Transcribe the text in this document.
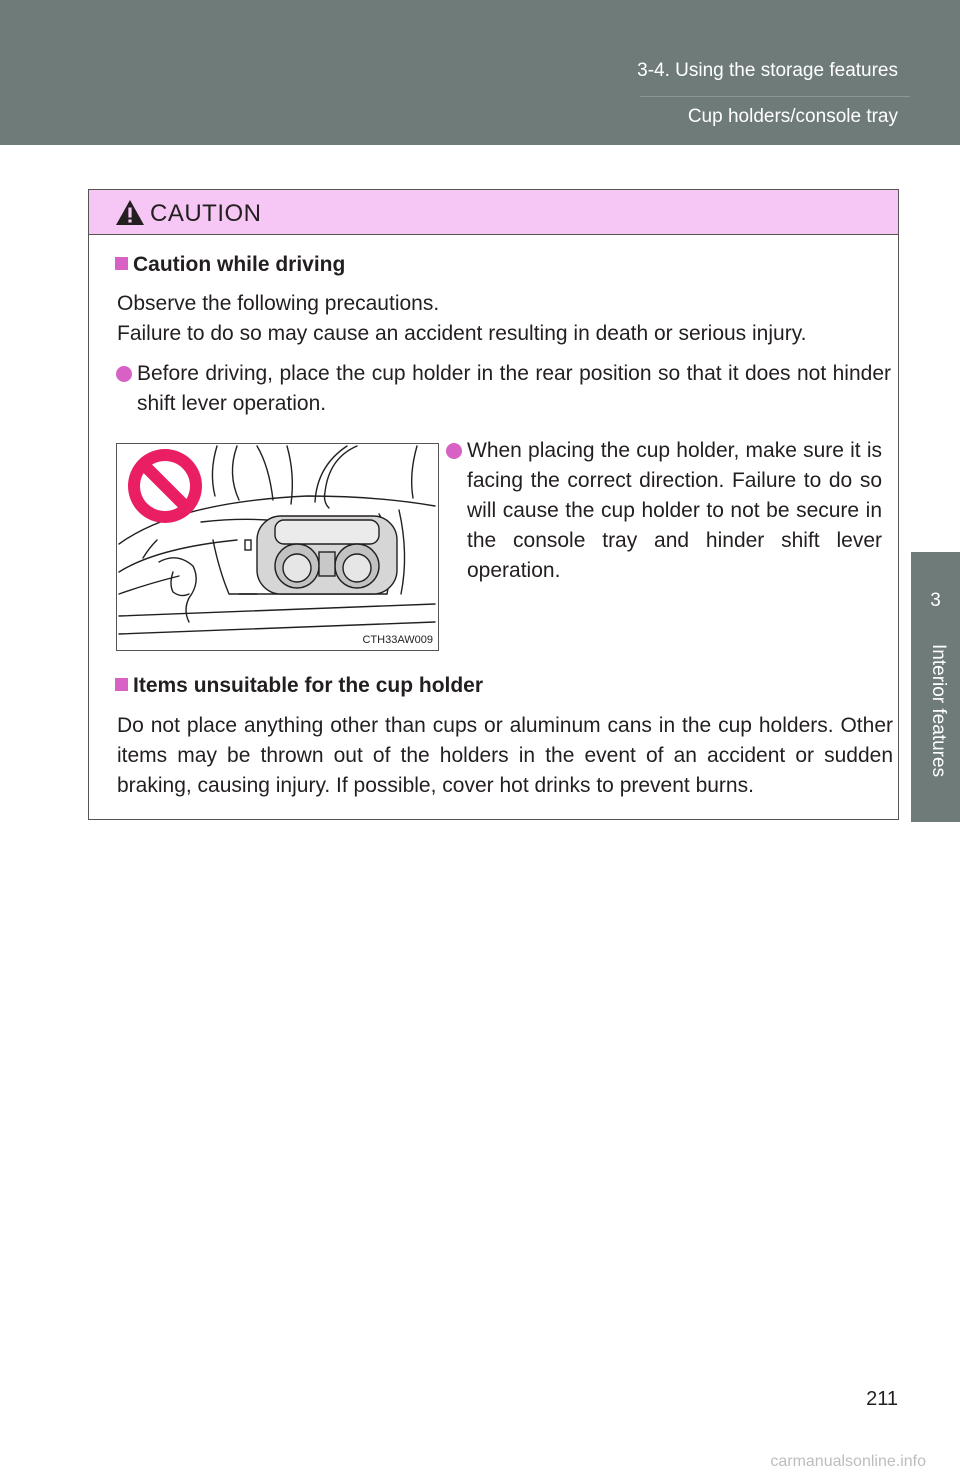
3-4. Using the storage features
Cup holders/console tray
3
Interior features
CAUTION
Caution while driving
Observe the following precautions.
Failure to do so may cause an accident resulting in death or serious injury.
Before driving, place the cup holder in the rear position so that it does not hinder shift lever operation.
CTH33AW009
When placing the cup holder, make sure it is facing the correct direction. Failure to do so will cause the cup holder to not be secure in the console tray and hinder shift lever operation.
Items unsuitable for the cup holder
Do not place anything other than cups or aluminum cans in the cup holders. Other items may be thrown out of the holders in the event of an accident or sudden braking, causing injury. If possible, cover hot drinks to prevent burns.
211
carmanualsonline.info
